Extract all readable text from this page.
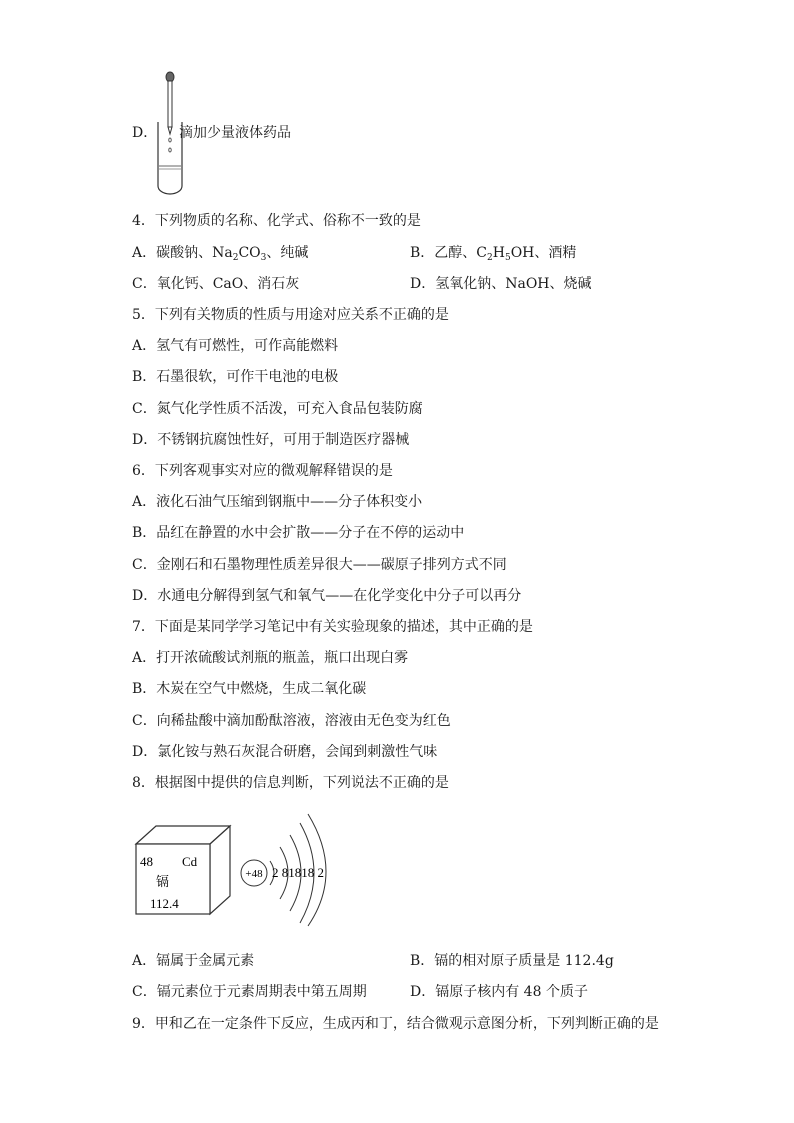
D． 滴加少量液体药品
4．下列物质的名称、化学式、俗称不一致的是
A．碳酸钠、$Na_2CO_3$、纯碱	B．乙醇、$C_2H_5OH$、酒精
C．氧化钙、CaO、消石灰	D．氢氧化钠、NaOH、烧碱
5．下列有关物质的性质与用途对应关系不正确的是
A．氢气有可燃性，可作高能燃料
B．石墨很软，可作干电池的电极
C．氮气化学性质不活泼，可充入食品包装防腐
D．不锈钢抗腐蚀性好，可用于制造医疗器械
6．下列客观事实对应的微观解释错误的是
A．液化石油气压缩到钢瓶中——分子体积变小
B．品红在静置的水中会扩散——分子在不停的运动中
C．金刚石和石墨物理性质差异很大——碳原子排列方式不同
D．水通电分解得到氢气和氧气——在化学变化中分子可以再分
7．下面是某同学学习笔记中有关实验现象的描述，其中正确的是
A．打开浓硫酸试剂瓶的瓶盖，瓶口出现白雾
B．木炭在空气中燃烧，生成二氧化碳
C．向稀盐酸中滴加酚酞溶液，溶液由无色变为红色
D．氯化铵与熟石灰混合研磨，会闻到刺激性气味
8．根据图中提供的信息判断，下列说法不正确的是
48 Cd
镉
112.4
+48 2 81818 2
A．镉属于金属元素	B．镉的相对原子质量是 112.4g
C．镉元素位于元素周期表中第五周期	D．镉原子核内有 48 个质子
9．甲和乙在一定条件下反应，生成丙和丁，结合微观示意图分析，下列判断正确的是
